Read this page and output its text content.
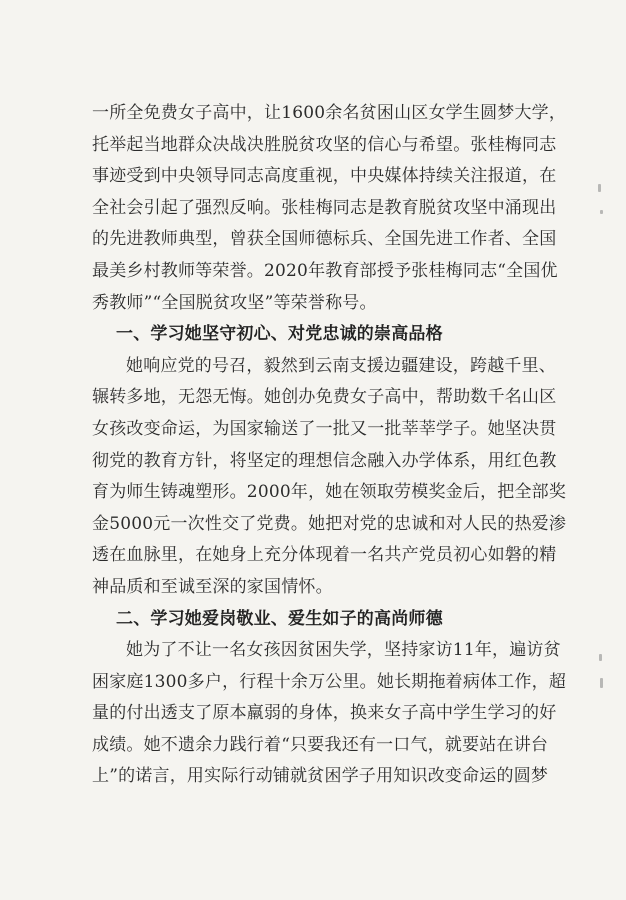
一所全免费女子高中，让1600余名贫困山区女学生圆梦大学，
托举起当地群众决战决胜脱贫攻坚的信心与希望。张桂梅同志
事迹受到中央领导同志高度重视，中央媒体持续关注报道，在
全社会引起了强烈反响。张桂梅同志是教育脱贫攻坚中涌现出
的先进教师典型，曾获全国师德标兵、全国先进工作者、全国
最美乡村教师等荣誉。2020年教育部授予张桂梅同志“全国优
秀教师”“全国脱贫攻坚”等荣誉称号。
一、学习她坚守初心、对党忠诚的崇高品格
她响应党的号召，毅然到云南支援边疆建设，跨越千里、
辗转多地，无怨无悔。她创办免费女子高中，帮助数千名山区
女孩改变命运，为国家输送了一批又一批莘莘学子。她坚决贯
彻党的教育方针，将坚定的理想信念融入办学体系，用红色教
育为师生铸魂塑形。2000年，她在领取劳模奖金后，把全部奖
金5000元一次性交了党费。她把对党的忠诚和对人民的热爱渗
透在血脉里，在她身上充分体现着一名共产党员初心如磐的精
神品质和至诚至深的家国情怀。
二、学习她爱岗敬业、爱生如子的高尚师德
她为了不让一名女孩因贫困失学，坚持家访11年，遍访贫
困家庭1300多户，行程十余万公里。她长期拖着病体工作，超
量的付出透支了原本羸弱的身体，换来女子高中学生学习的好
成绩。她不遗余力践行着“只要我还有一口气，就要站在讲台
上”的诺言，用实际行动铺就贫困学子用知识改变命运的圆梦
